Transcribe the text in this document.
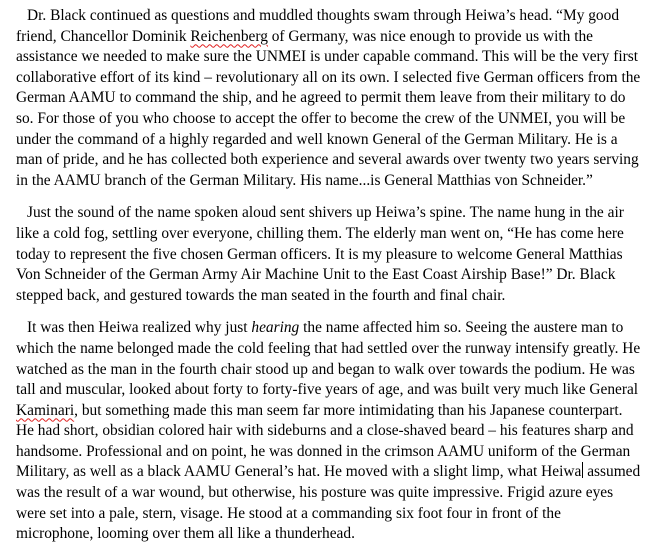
Dr. Black continued as questions and muddled thoughts swam through Heiwa’s head. “My good friend, Chancellor Dominik Reichenberg of Germany, was nice enough to provide us with the assistance we needed to make sure the UNMEI is under capable command. This will be the very first collaborative effort of its kind – revolutionary all on its own. I selected five German officers from the German AAMU to command the ship, and he agreed to permit them leave from their military to do so. For those of you who choose to accept the offer to become the crew of the UNMEI, you will be under the command of a highly regarded and well known General of the German Military. He is a man of pride, and he has collected both experience and several awards over twenty two years serving in the AAMU branch of the German Military. His name...is General Matthias von Schneider.”

Just the sound of the name spoken aloud sent shivers up Heiwa’s spine. The name hung in the air like a cold fog, settling over everyone, chilling them. The elderly man went on, “He has come here today to represent the five chosen German officers. It is my pleasure to welcome General Matthias Von Schneider of the German Army Air Machine Unit to the East Coast Airship Base!” Dr. Black stepped back, and gestured towards the man seated in the fourth and final chair.

It was then Heiwa realized why just hearing the name affected him so. Seeing the austere man to which the name belonged made the cold feeling that had settled over the runway intensify greatly. He watched as the man in the fourth chair stood up and began to walk over towards the podium. He was tall and muscular, looked about forty to forty-five years of age, and was built very much like General Kaminari, but something made this man seem far more intimidating than his Japanese counterpart. He had short, obsidian colored hair with sideburns and a close-shaved beard – his features sharp and handsome. Professional and on point, he was donned in the crimson AAMU uniform of the German Military, as well as a black AAMU General’s hat. He moved with a slight limp, what Heiwa assumed was the result of a war wound, but otherwise, his posture was quite impressive. Frigid azure eyes were set into a pale, stern, visage. He stood at a commanding six foot four in front of the microphone, looming over them all like a thunderhead.
